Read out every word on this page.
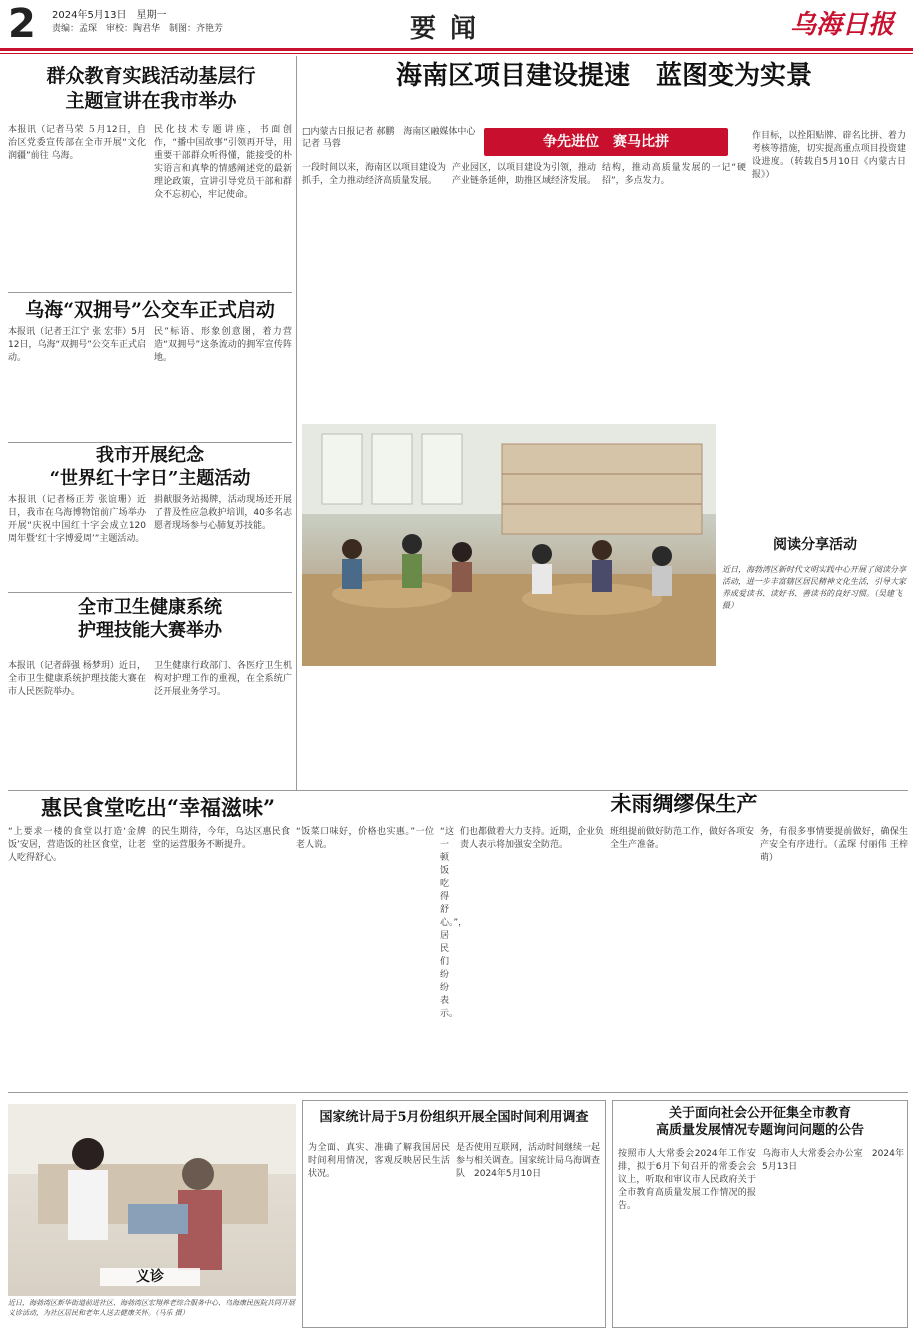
2 2024年5月13日　星期一
责编：孟琛　审校：陶君华　制图：齐艳芳	要闻	乌海日报
群众教育实践活动基层行
主题宣讲在我市举办
本报讯（记者马荣 ５月12日，自治区党委宣传部在全市开展“文化润疆”前往 乌海。
民化技术专题讲座，书面创作，“播中国故事”引领再开导，用重要干部群众听得懂，能接受的朴实语言和真挚的情感阐述党的最新理论政策，宣讲引导党员干部和群众不忘初心，牢记使命。
乌海“双拥号”公交车正式启动
本报讯（记者王江宁 张 宏菲）5月12日，乌海“双拥号”公交车正式启动。
民”标语、形象创意图，着力营造“双拥号”这条流动的拥军宣传阵地。
我市开展纪念
“世界红十字日”主题活动
本报讯（记者杨正芳 张谊珊）近日，我市在乌海博物馆前广场举办开展“庆祝中国红十字会成立120周年暨‘红十字博爱周’”主题活动。
捐献服务站揭牌，活动现场还开展了普及性应急救护培训，40多名志愿者现场参与心肺复苏技能。
全市卫生健康系统
护理技能大赛举办
本报讯（记者薛强 杨梦玥）近日，全市卫生健康系统护理技能大赛在市人民医院举办。
卫生健康行政部门、各医疗卫生机构对护理工作的重视，在全系统广泛开展业务学习。
海南区项目建设提速　蓝图变为实景
□内蒙古日报记者 郝鹏　海南区融媒体中心记者 马蓉	争先进位　赛马比拼
一段时间以来，海南区以项目建设为抓手，全力推动经济高质量发展。
产业园区，以项目建设为引领，推动产业链条延伸，助推区域经济发展。
结构，推动高质量发展的一记“硬招”，多点发力。
作目标，以拴阳贴牌、辟名比拼、着力考核等措施，切实提高重点项目投资建设进度。（转载自5月10日《内蒙古日报》）
阅读分享活动
近日，海勃湾区新时代文明实践中心开展了阅读分享活动，进一步丰富辖区居民精神文化生活，引导大家养成爱读书、读好书、善读书的良好习惯。（吴建飞 摄）
惠民食堂吃出“幸福滋味”
“上要求一楼的食堂以打造‘金牌饭’安居，营造饭的社区食堂，让老人吃得舒心。
的民生期待，今年，乌达区惠民食堂的运营服务不断提升。
“饭菜口味好，价格也实惠。”一位老人说。
“这一顿饭吃得舒心。”，居民们纷纷表示。
未雨绸缪保生产
们也都做着大力支持。近期，企业负责人表示将加强安全防范。
班组提前做好防范工作，做好各项安全生产准备。
务，有很多事情要提前做好，确保生产安全有序进行。（孟琛 付丽伟 王梓萌）
义诊
近日，海勃湾区新华街道前进社区、海勃湾区宏翔养老综合服务中心、乌海康民医院共同开展义诊活动，为社区居民和老年人送去健康关怀。（马乐 摄）
国家统计局于5月份组织开展全国时间利用调查
为全面、真实、准确了解我国居民时间利用情况，客观反映居民生活状况。
是否使用互联网，活动时间继续一起参与相关调查。国家统计局乌海调查队　2024年5月10日
关于面向社会公开征集全市教育
高质量发展情况专题询问问题的公告
按照市人大常委会2024年工作安排，拟于6月下旬召开的常委会会议上，听取和审议市人民政府关于全市教育高质量发展工作情况的报告。
乌海市人大常委会办公室　2024年5月13日
